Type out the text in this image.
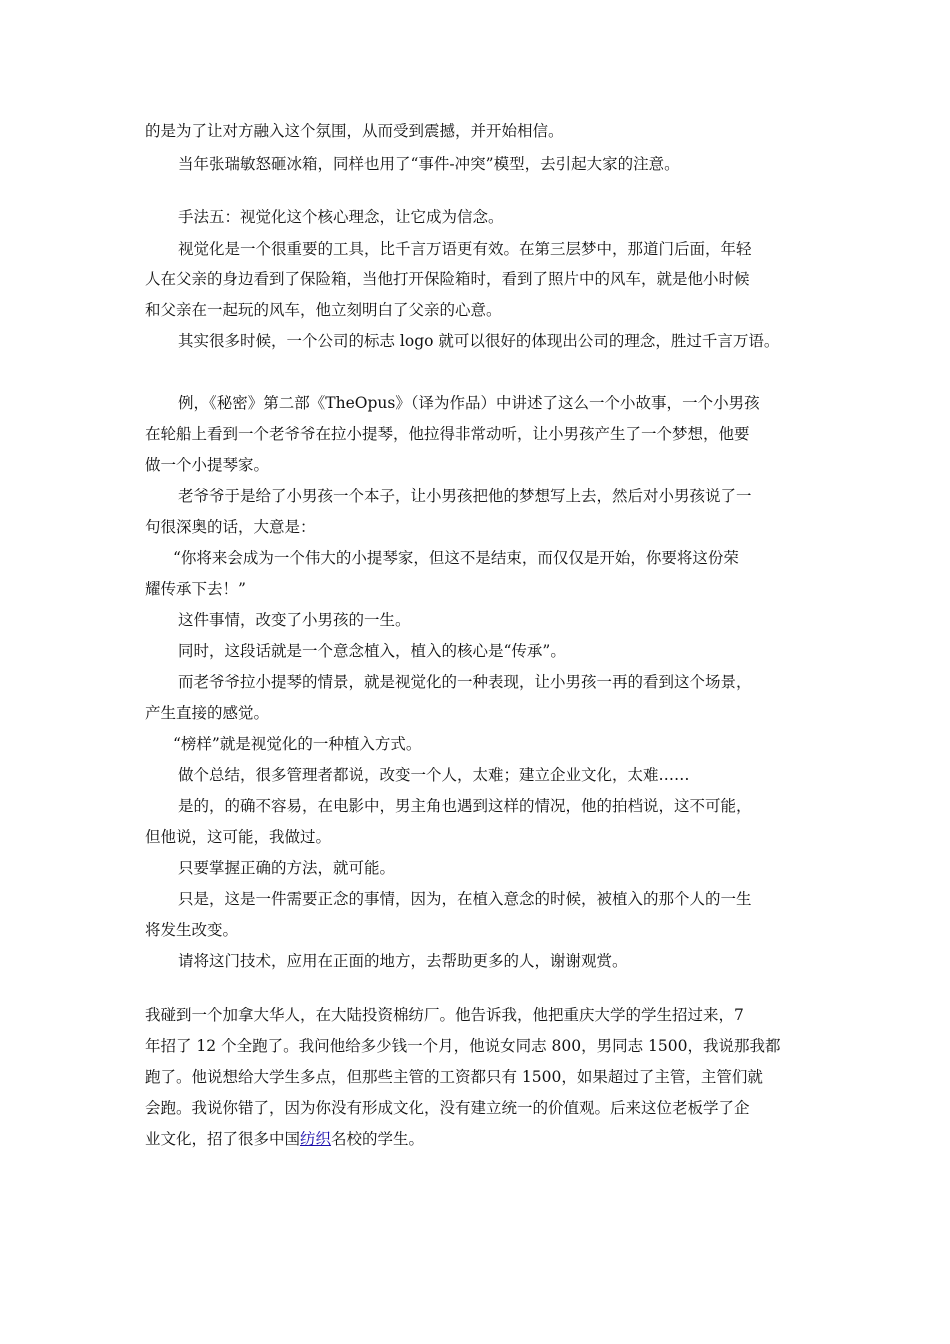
的是为了让对方融入这个氛围，从而受到震撼，并开始相信。
当年张瑞敏怒砸冰箱，同样也用了“事件-冲突”模型，去引起大家的注意。
手法五：视觉化这个核心理念，让它成为信念。
视觉化是一个很重要的工具，比千言万语更有效。在第三层梦中，那道门后面，年轻
人在父亲的身边看到了保险箱，当他打开保险箱时，看到了照片中的风车，就是他小时候
和父亲在一起玩的风车，他立刻明白了父亲的心意。
其实很多时候，一个公司的标志 logo 就可以很好的体现出公司的理念，胜过千言万语。
例，《秘密》第二部《TheOpus》（译为作品）中讲述了这么一个小故事，一个小男孩
在轮船上看到一个老爷爷在拉小提琴，他拉得非常动听，让小男孩产生了一个梦想，他要
做一个小提琴家。
老爷爷于是给了小男孩一个本子，让小男孩把他的梦想写上去，然后对小男孩说了一
句很深奥的话，大意是：
“你将来会成为一个伟大的小提琴家，但这不是结束，而仅仅是开始，你要将这份荣
耀传承下去！”
这件事情，改变了小男孩的一生。
同时，这段话就是一个意念植入，植入的核心是“传承”。
而老爷爷拉小提琴的情景，就是视觉化的一种表现，让小男孩一再的看到这个场景，
产生直接的感觉。
“榜样”就是视觉化的一种植入方式。
做个总结，很多管理者都说，改变一个人，太难；建立企业文化，太难……
是的，的确不容易，在电影中，男主角也遇到这样的情况，他的拍档说，这不可能，
但他说，这可能，我做过。
只要掌握正确的方法，就可能。
只是，这是一件需要正念的事情，因为，在植入意念的时候，被植入的那个人的一生
将发生改变。
请将这门技术，应用在正面的地方，去帮助更多的人，谢谢观赏。
我碰到一个加拿大华人，在大陆投资棉纺厂。他告诉我，他把重庆大学的学生招过来，7
年招了 12 个全跑了。我问他给多少钱一个月，他说女同志 800，男同志 1500，我说那我都
跑了。他说想给大学生多点，但那些主管的工资都只有 1500，如果超过了主管，主管们就
会跑。我说你错了，因为你没有形成文化，没有建立统一的价值观。后来这位老板学了企
业文化，招了很多中国纺织名校的学生。
